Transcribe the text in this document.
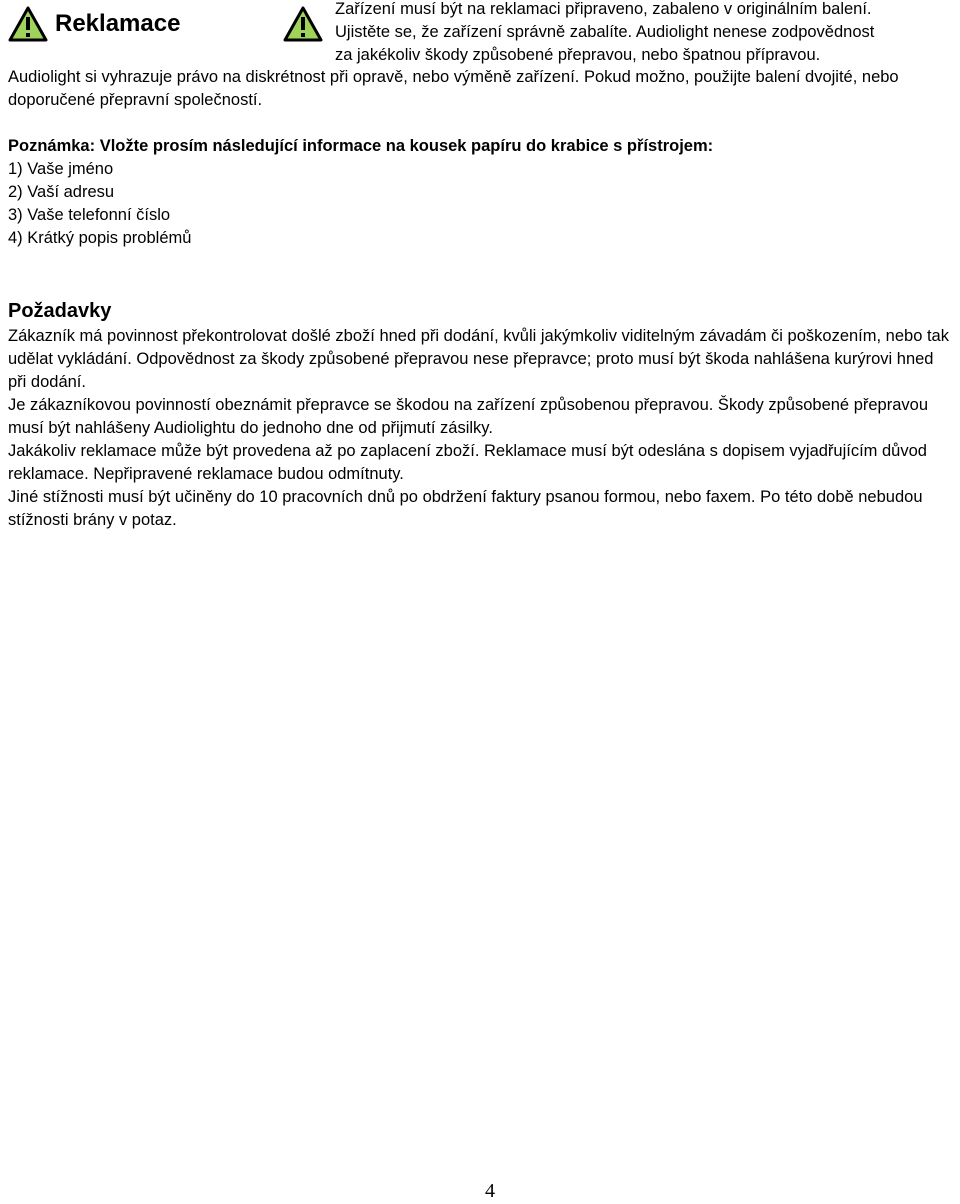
Reklamace
Zařízení musí být na reklamaci připraveno, zabaleno v originálním balení.
Ujistěte se, že zařízení správně zabalíte. Audiolight nenese zodpovědnost
za jakékoliv škody způsobené přepravou, nebo špatnou přípravou.
Audiolight si vyhrazuje právo na diskrétnost při opravě, nebo výměně zařízení. Pokud možno, použijte balení dvojité, nebo doporučené přepravní společností.
Poznámka: Vložte prosím následující informace na kousek papíru do krabice s přístrojem:
1) Vaše jméno
2) Vaší adresu
3) Vaše telefonní číslo
4) Krátký popis problémů
Požadavky

Zákazník má povinnost překontrolovat došlé zboží hned při dodání, kvůli jakýmkoliv viditelným závadám či poškozením, nebo tak udělat vykládání. Odpovědnost za škody způsobené přepravou nese přepravce; proto musí být škoda nahlášena kurýrovi hned při dodání.

Je zákazníkovou povinností obeznámit přepravce se škodou na zařízení způsobenou přepravou. Škody způsobené přepravou musí být nahlášeny Audiolightu do jednoho dne od přijmutí zásilky.

Jakákoliv reklamace může být provedena až po zaplacení zboží. Reklamace musí být odeslána s dopisem vyjadřujícím důvod reklamace. Nepřipravené reklamace budou odmítnuty.

Jiné stížnosti musí být učiněny do 10 pracovních dnů po obdržení faktury psanou formou, nebo faxem. Po této době nebudou stížnosti brány v potaz.

4
